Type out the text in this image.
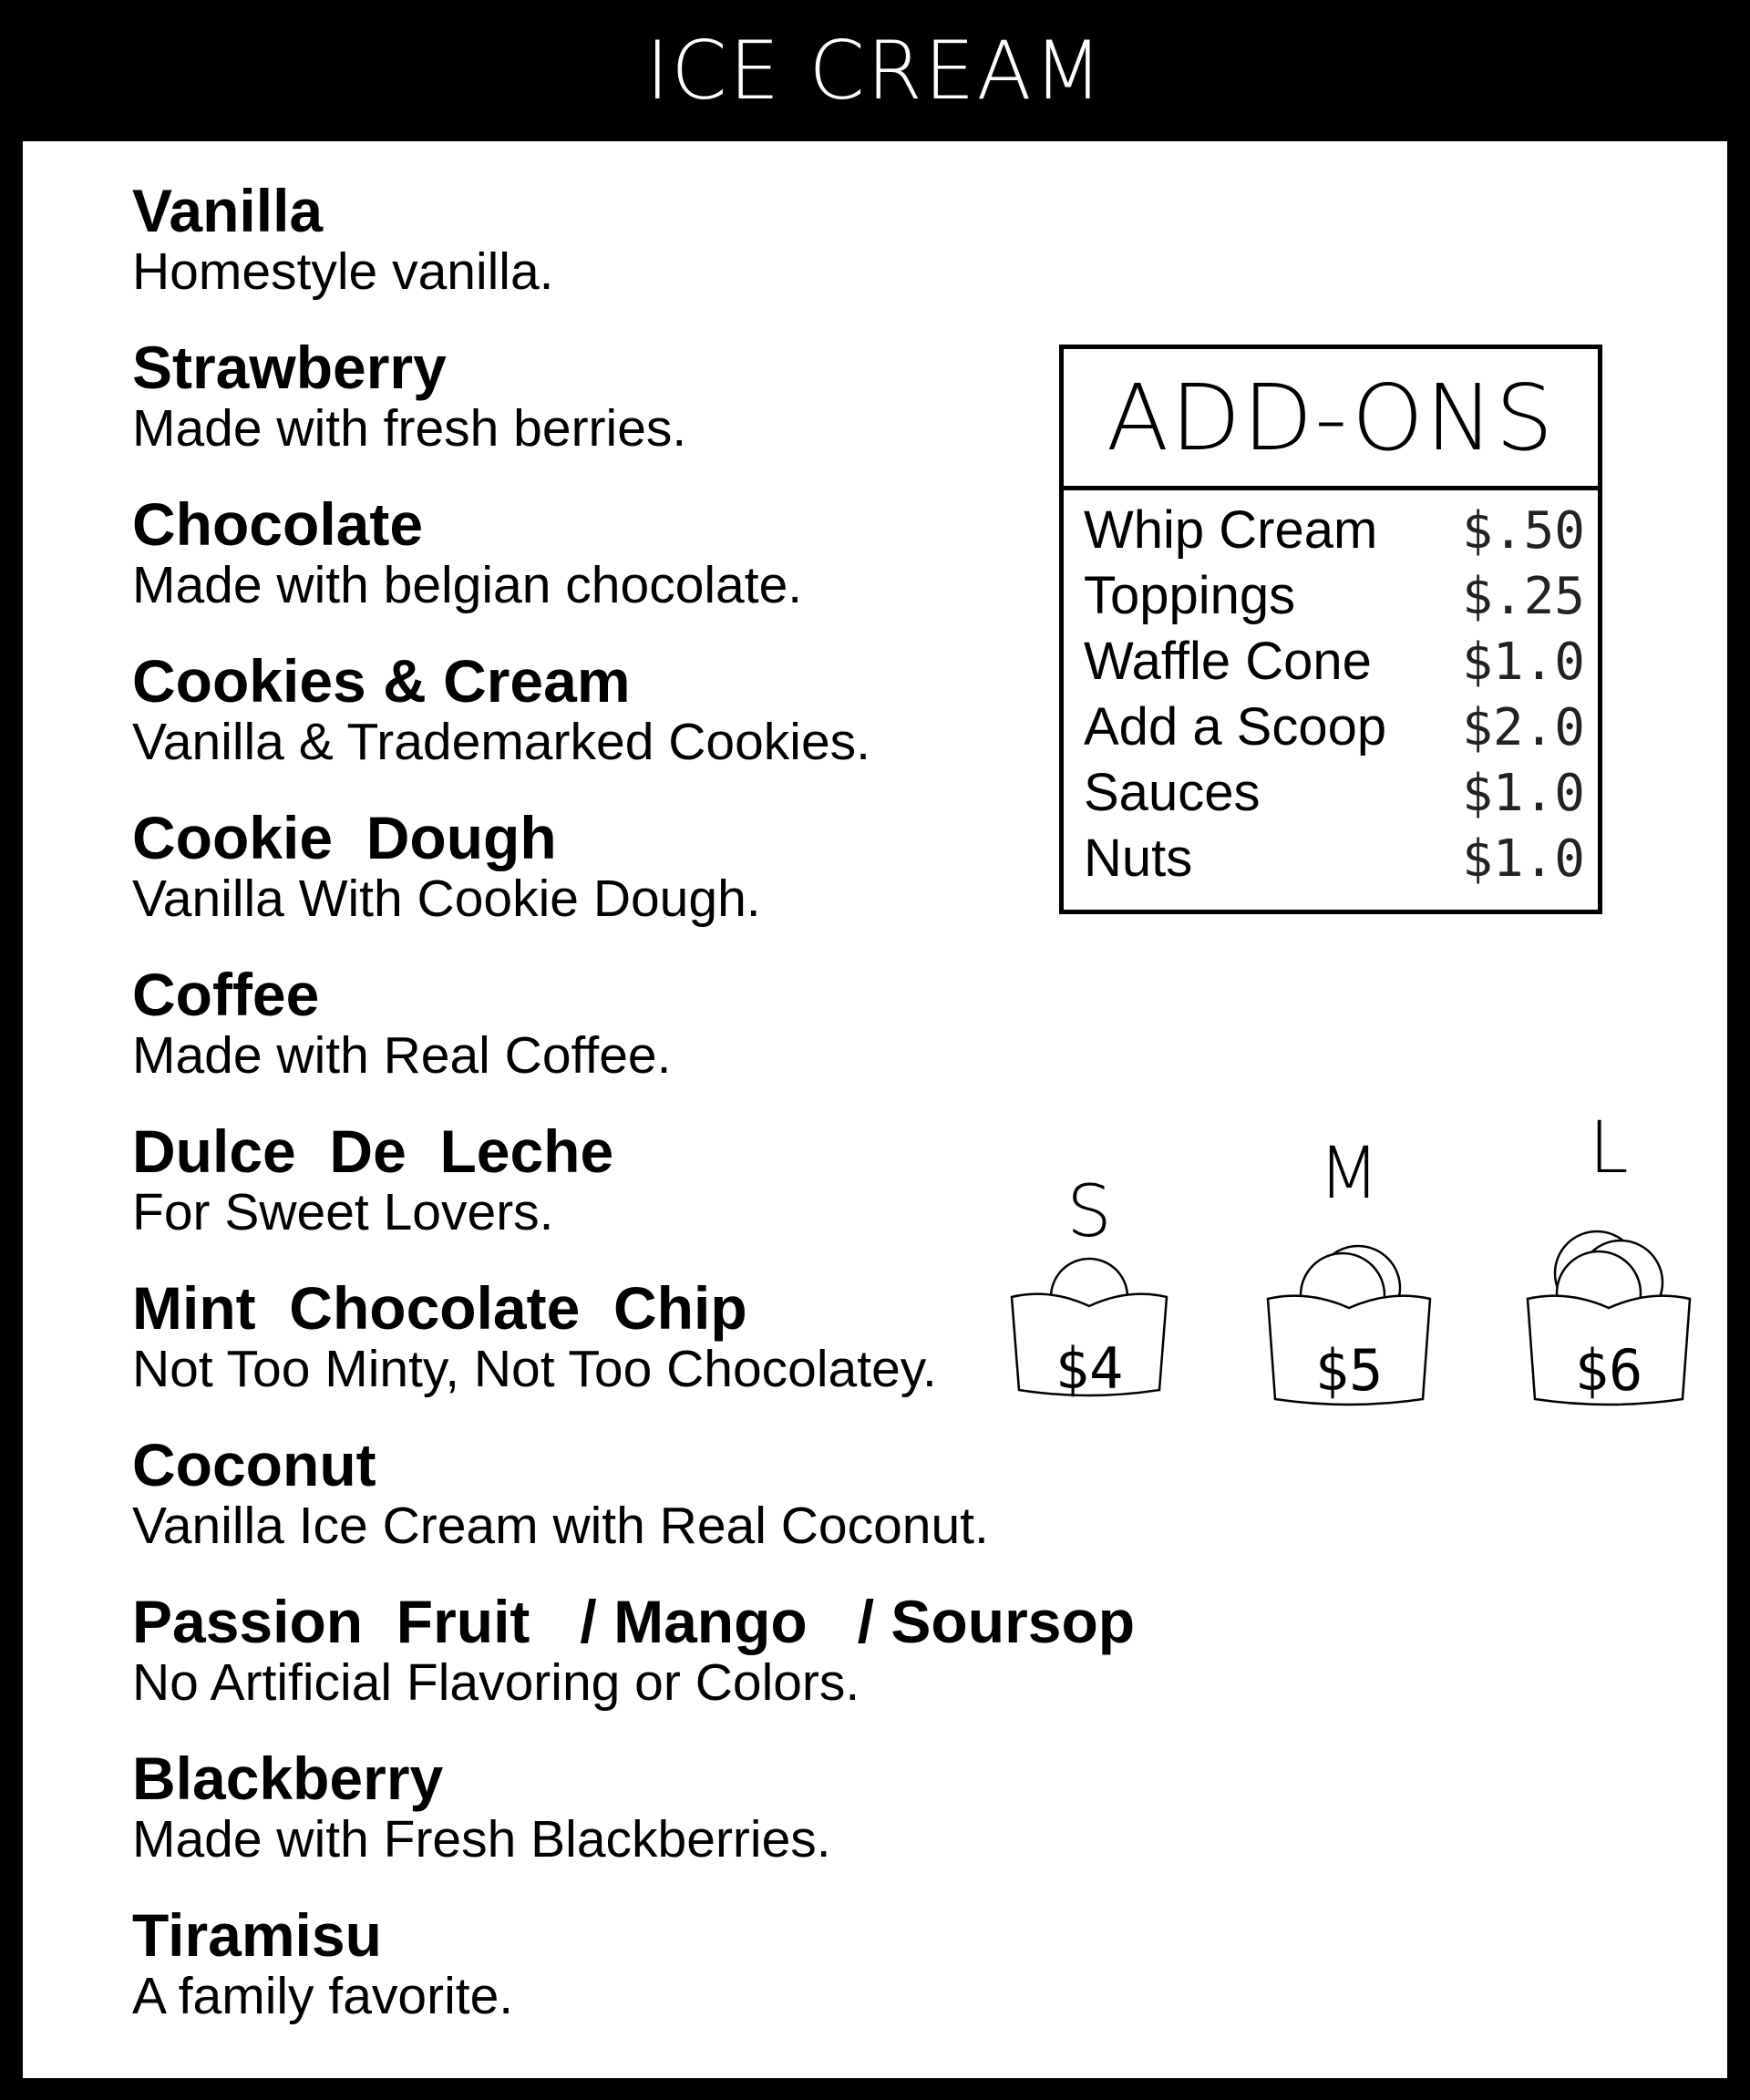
ICE CREAM
Vanilla
Homestyle vanilla.
Strawberry
Made with fresh berries.
Chocolate
Made with belgian chocolate.
Cookies & Cream
Vanilla & Trademarked Cookies.
Cookie  Dough
Vanilla With Cookie Dough.
Coffee
Made with Real Coffee.
Dulce  De  Leche
For Sweet Lovers.
Mint  Chocolate  Chip
Not Too Minty, Not Too Chocolatey.
Coconut
Vanilla Ice Cream with Real Coconut.
Passion  Fruit   / Mango   / Soursop
No Artificial Flavoring or Colors.
Blackberry
Made with Fresh Blackberries.
Tiramisu
A family favorite.
ADD-ONS
Whip Cream $.50
Toppings	$.25
Waffle Cone $1.0
Add a Scoop $2.0
Sauces	$1.0
Nuts	$1.0
S
$4
M
$5
L
$6
